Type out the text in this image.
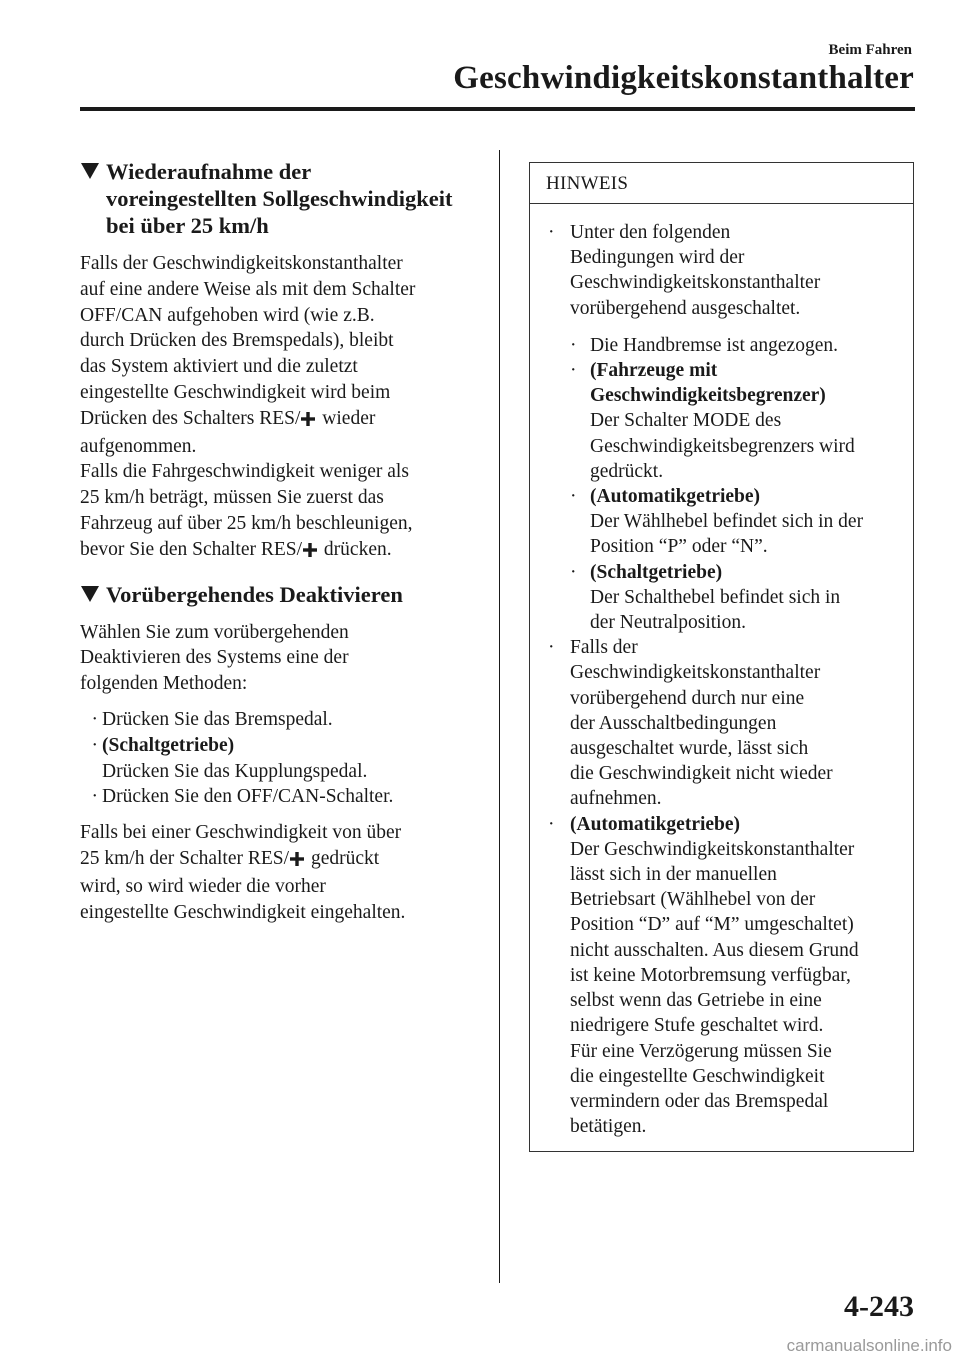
Beim Fahren
Geschwindigkeitskonstanthalter
Wiederaufnahme der
voreingestellten Sollgeschwindigkeit
bei über 25 km/h

Falls der Geschwindigkeitskonstanthalter
auf eine andere Weise als mit dem Schalter
OFF/CAN aufgehoben wird (wie z.B.
durch Drücken des Bremspedals), bleibt
das System aktiviert und die zuletzt
eingestellte Geschwindigkeit wird beim
Drücken des Schalters RES/ wieder
aufgenommen.
Falls die Fahrgeschwindigkeit weniger als
25 km/h beträgt, müssen Sie zuerst das
Fahrzeug auf über 25 km/h beschleunigen,
bevor Sie den Schalter RES/ drücken.

Vorübergehendes Deaktivieren

Wählen Sie zum vorübergehenden
Deaktivieren des Systems eine der
folgenden Methoden:

· Drücken Sie das Bremspedal.
· (Schaltgetriebe)
Drücken Sie das Kupplungspedal.
· Drücken Sie den OFF/CAN-Schalter.

Falls bei einer Geschwindigkeit von über
25 km/h der Schalter RES/ gedrückt
wird, so wird wieder die vorher
eingestellte Geschwindigkeit eingehalten.

HINWEIS
· Unter den folgenden
Bedingungen wird der
Geschwindigkeitskonstanthalter
vorübergehend ausgeschaltet.
· Die Handbremse ist angezogen.
· (Fahrzeuge mit
Geschwindigkeitsbegrenzer)
Der Schalter MODE des
Geschwindigkeitsbegrenzers wird
gedrückt.
· (Automatikgetriebe)
Der Wählhebel befindet sich in der
Position “P” oder “N”.
· (Schaltgetriebe)
Der Schalthebel befindet sich in
der Neutralposition.
· Falls der
Geschwindigkeitskonstanthalter
vorübergehend durch nur eine
der Ausschaltbedingungen
ausgeschaltet wurde, lässt sich
die Geschwindigkeit nicht wieder
aufnehmen.
· (Automatikgetriebe)
Der Geschwindigkeitskonstanthalter
lässt sich in der manuellen
Betriebsart (Wählhebel von der
Position “D” auf “M” umgeschaltet)
nicht ausschalten. Aus diesem Grund
ist keine Motorbremsung verfügbar,
selbst wenn das Getriebe in eine
niedrigere Stufe geschaltet wird.
Für eine Verzögerung müssen Sie
die eingestellte Geschwindigkeit
vermindern oder das Bremspedal
betätigen.
4-243
carmanualsonline.info
